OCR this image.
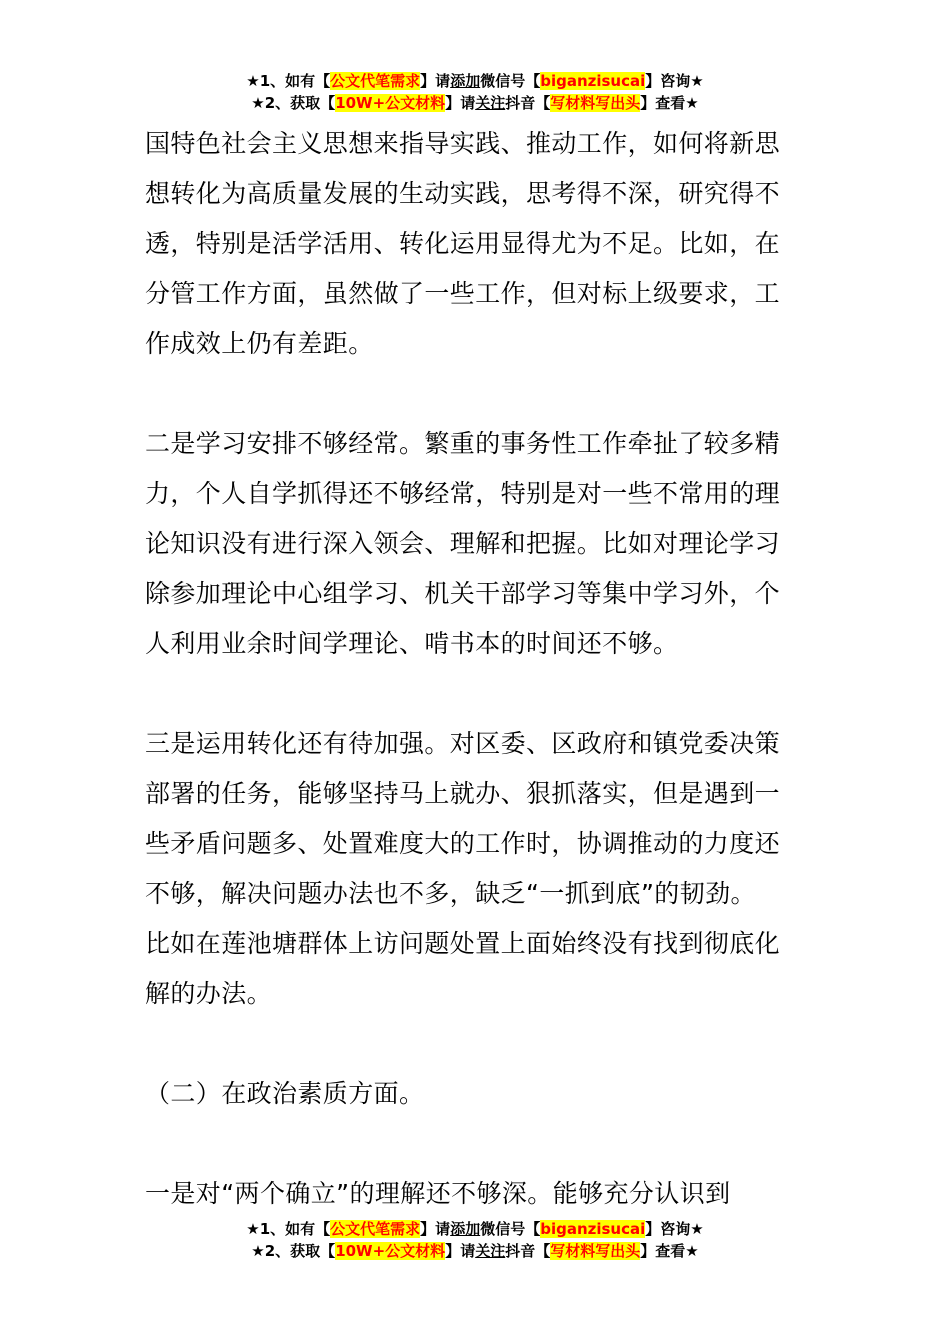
★1、如有【公文代笔需求】请添加微信号【biganzisucai】咨询★
★2、获取【10W+公文材料】请关注抖音【写材料写出头】查看★

国特色社会主义思想来指导实践、推动工作，如何将新思
想转化为高质量发展的生动实践，思考得不深，研究得不
透，特别是活学活用、转化运用显得尤为不足。比如，在
分管工作方面，虽然做了一些工作，但对标上级要求，工
作成效上仍有差距。

二是学习安排不够经常。繁重的事务性工作牵扯了较多精
力，个人自学抓得还不够经常，特别是对一些不常用的理
论知识没有进行深入领会、理解和把握。比如对理论学习
除参加理论中心组学习、机关干部学习等集中学习外，个
人利用业余时间学理论、啃书本的时间还不够。

三是运用转化还有待加强。对区委、区政府和镇党委决策
部署的任务，能够坚持马上就办、狠抓落实，但是遇到一
些矛盾问题多、处置难度大的工作时，协调推动的力度还
不够，解决问题办法也不多，缺乏“一抓到底”的韧劲。
比如在莲池塘群体上访问题处置上面始终没有找到彻底化
解的办法。

（二）在政治素质方面。

一是对“两个确立”的理解还不够深。能够充分认识到

★1、如有【公文代笔需求】请添加微信号【biganzisucai】咨询★
★2、获取【10W+公文材料】请关注抖音【写材料写出头】查看★
